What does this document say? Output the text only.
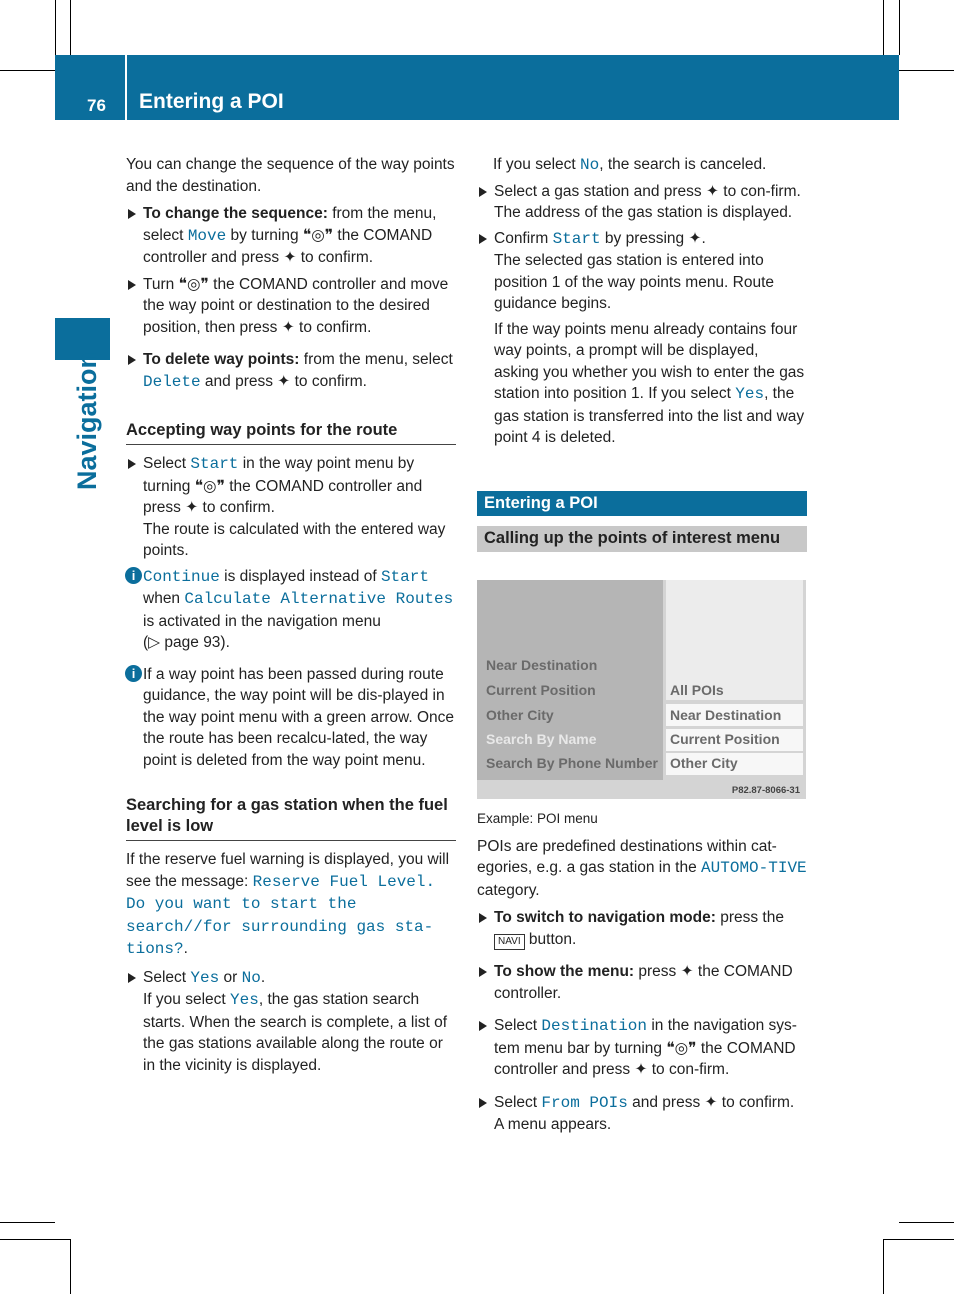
76 Entering a POI
Navigation

You can change the sequence of the way points and the destination.

To change the sequence: from the menu, select Move by turning ❝◎❞ the COMAND controller and press ✦ to confirm.
Turn ❝◎❞ the COMAND controller and move the way point or destination to the desired position, then press ✦ to confirm.
To delete way points: from the menu, select Delete and press ✦ to confirm.
Accepting way points for the route
Select Start in the way point menu by turning ❝◎❞ the COMAND controller and press ✦ to confirm.

The route is calculated with the entered way points.

i Continue is displayed instead of Start when Calculate Alternative Routes is activated in the navigation menu
(▷ page 93).
i If a way point has been passed during route guidance, the way point will be dis-played in the way point menu with a green arrow. Once the route has been recalcu-lated, the way point is deleted from the way point menu.
Searching for a gas station when the fuel level is low

If the reserve fuel warning is displayed, you will see the message: Reserve Fuel Level. Do you want to start the search//for surrounding gas sta-tions?.

Select Yes or No.
If you select Yes, the gas station search starts. When the search is complete, a list of the gas stations available along the route or in the vicinity is displayed.

If you select No, the search is canceled.

Select a gas station and press ✦ to con-firm.

The address of the gas station is displayed.

Confirm Start by pressing ✦.

The selected gas station is entered into position 1 of the way points menu. Route guidance begins.

If the way points menu already contains four way points, a prompt will be displayed, asking you whether you wish to enter the gas station into position 1. If you select Yes, the gas station is transferred into the list and way point 4 is deleted.

Entering a POI
Calling up the points of interest menu
Near Destination
Current Position
Other City
Search By Name
Search By Phone Number
All POIs
Near Destination
Current Position
Other City
P82.87-8066-31

Example: POI menu

POIs are predefined destinations within cat-egories, e.g. a gas station in the AUTOMO-TIVE category.

To switch to navigation mode: press the NAVI button.
To show the menu: press ✦ the COMAND controller.
Select Destination in the navigation sys-tem menu bar by turning ❝◎❞ the COMAND controller and press ✦ to con-firm.
Select From POIs and press ✦ to confirm.

A menu appears.
